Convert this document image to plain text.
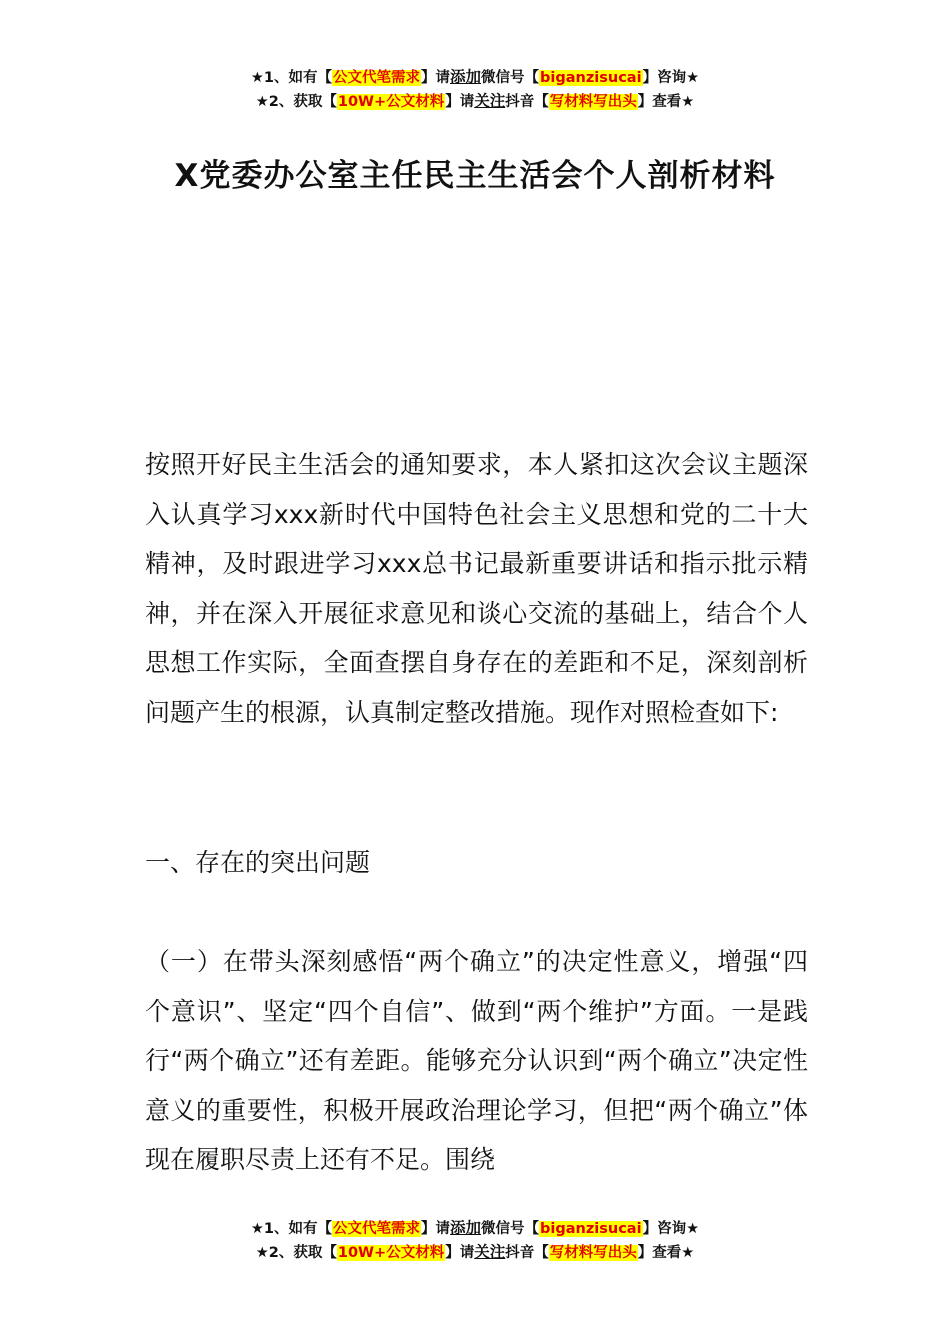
★1、如有【公文代笔需求】请添加微信号【biganzisucai】咨询★
★2、获取【10W+公文材料】请关注抖音【写材料写出头】查看★
X党委办公室主任民主生活会个人剖析材料

按照开好民主生活会的通知要求，本人紧扣这次会议主题深入认真学习xxx新时代中国特色社会主义思想和党的二十大精神，及时跟进学习xxx总书记最新重要讲话和指示批示精神，并在深入开展征求意见和谈心交流的基础上，结合个人思想工作实际，全面查摆自身存在的差距和不足，深刻剖析问题产生的根源，认真制定整改措施。现作对照检查如下:

一、存在的突出问题

（一）在带头深刻感悟“两个确立”的决定性意义，增强“四个意识”、坚定“四个自信”、做到“两个维护”方面。一是践行“两个确立”还有差距。能够充分认识到“两个确立”决定性意义的重要性，积极开展政治理论学习，但把“两个确立”体现在履职尽责上还有不足。围绕

★1、如有【公文代笔需求】请添加微信号【biganzisucai】咨询★
★2、获取【10W+公文材料】请关注抖音【写材料写出头】查看★
